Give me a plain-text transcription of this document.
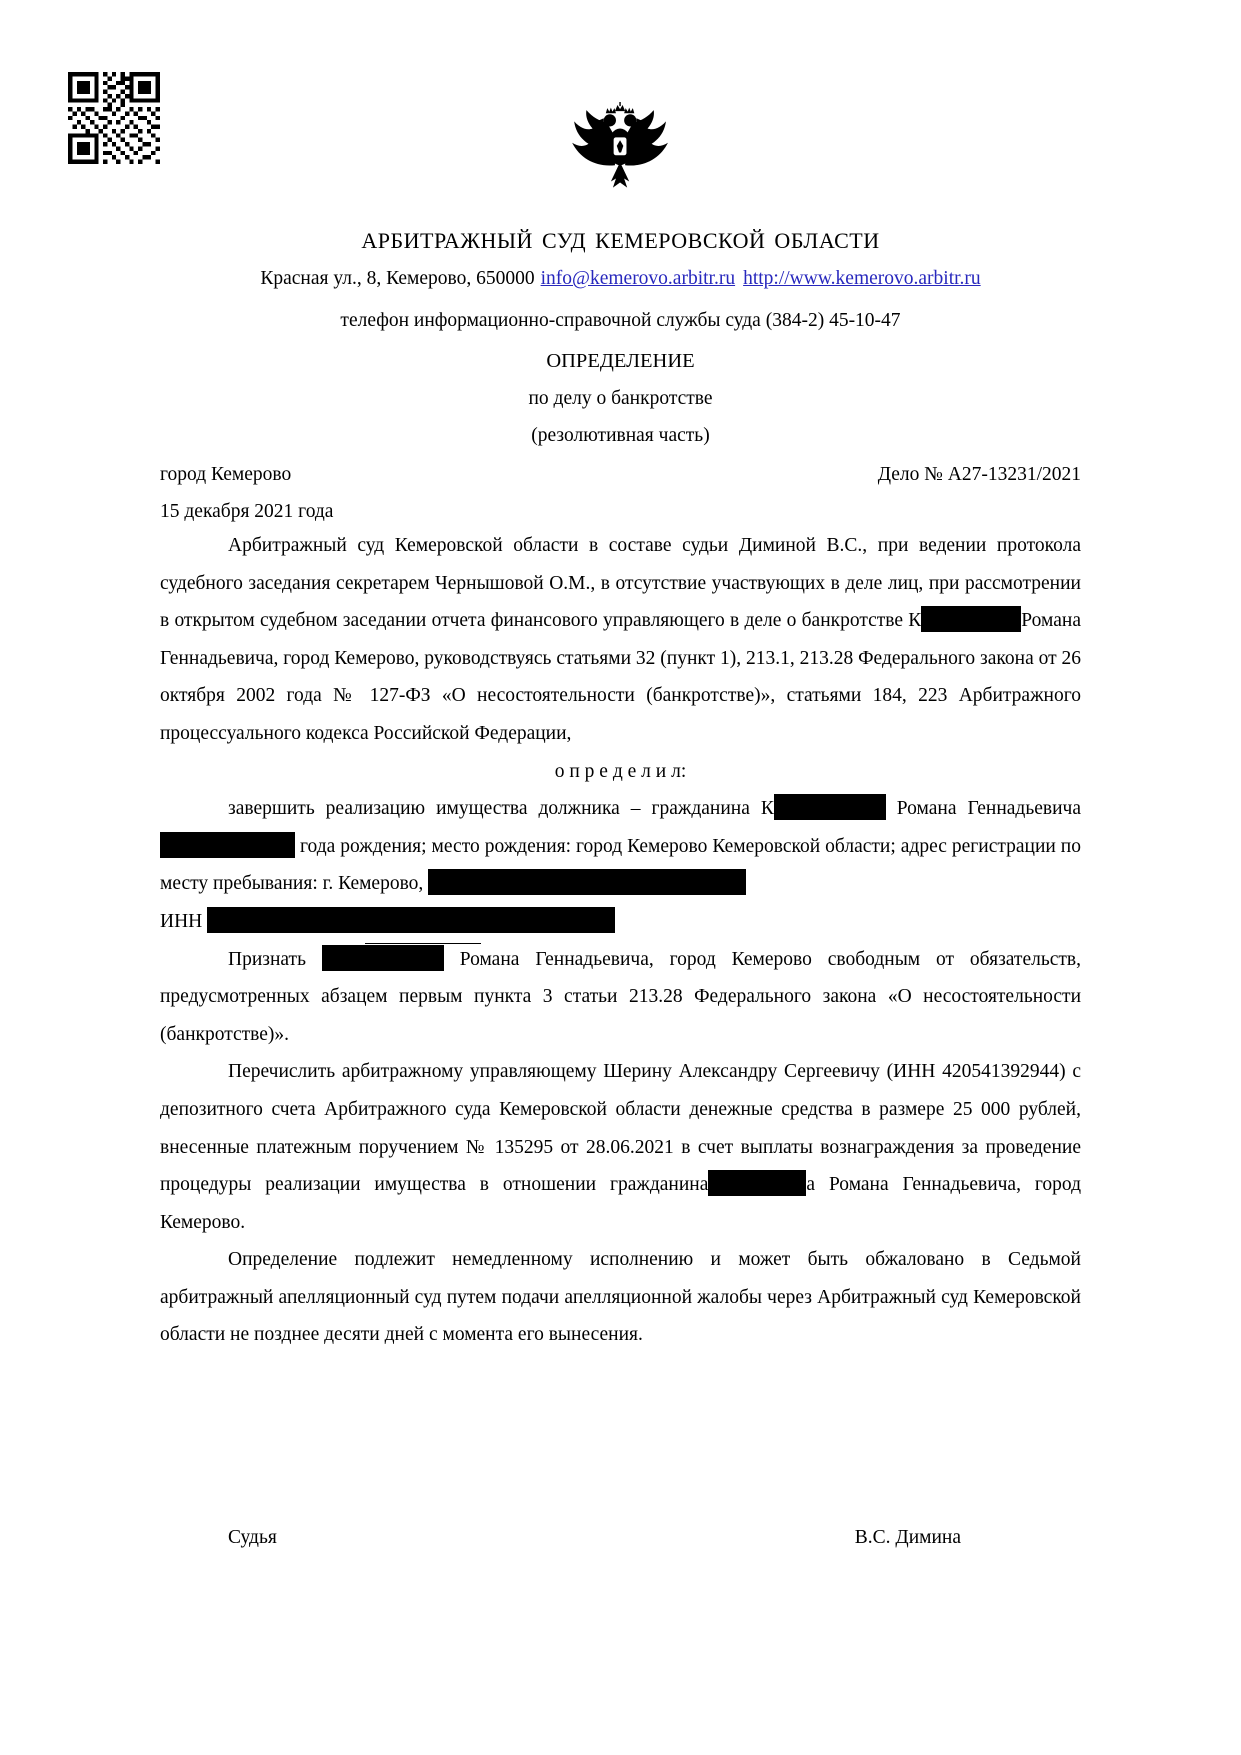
АРБИТРАЖНЫЙ СУД КЕМЕРОВСКОЙ ОБЛАСТИ
Красная ул., 8, Кемерово, 650000 info@kemerovo.arbitr.ru http://www.kemerovo.arbitr.ru
телефон информационно-справочной службы суда (384-2) 45-10-47
ОПРЕДЕЛЕНИЕ
по делу о банкротстве
(резолютивная часть)
город Кемерово	Дело № А27-13231/2021
15 декабря 2021 года

Арбитражный суд Кемеровской области в составе судьи Диминой В.С., при ведении протокола судебного заседания секретарем Чернышовой О.М., в отсутствие участвующих в деле лиц, при рассмотрении в открытом судебном заседании отчета финансового управляющего в деле о банкротстве К	Романа Геннадьевича, город Кемерово, руководствуясь статьями 32 (пункт 1), 213.1, 213.28 Федерального закона от 26 октября 2002 года № 127-ФЗ «О несостоятельности (банкротстве)», статьями 184, 223 Арбитражного процессуального кодекса Российской Федерации,

о п р е д е л и л:

завершить реализацию имущества должника – гражданина К	Романа Геннадьевича  года рождения; место рождения: город Кемерово Кемеровской области; адрес регистрации по месту пребывания: г. Кемерово,

ИНН

Признать	Романа Геннадьевича, город Кемерово свободным от обязательств, предусмотренных абзацем первым пункта 3 статьи 213.28 Федерального закона «О несостоятельности (банкротстве)».

Перечислить арбитражному управляющему Шерину Александру Сергеевичу (ИНН 420541392944) с депозитного счета Арбитражного суда Кемеровской области денежные средства в размере 25 000 рублей, внесенные платежным поручением № 135295 от 28.06.2021 в счет выплаты вознаграждения за проведение процедуры реализации имущества в отношении гражданина	а Романа Геннадьевича, город Кемерово.

Определение подлежит немедленному исполнению и может быть обжаловано в Седьмой арбитражный апелляционный суд путем подачи апелляционной жалобы через Арбитражный суд Кемеровской области не позднее десяти дней с момента его вынесения.

Судья	В.С. Димина
